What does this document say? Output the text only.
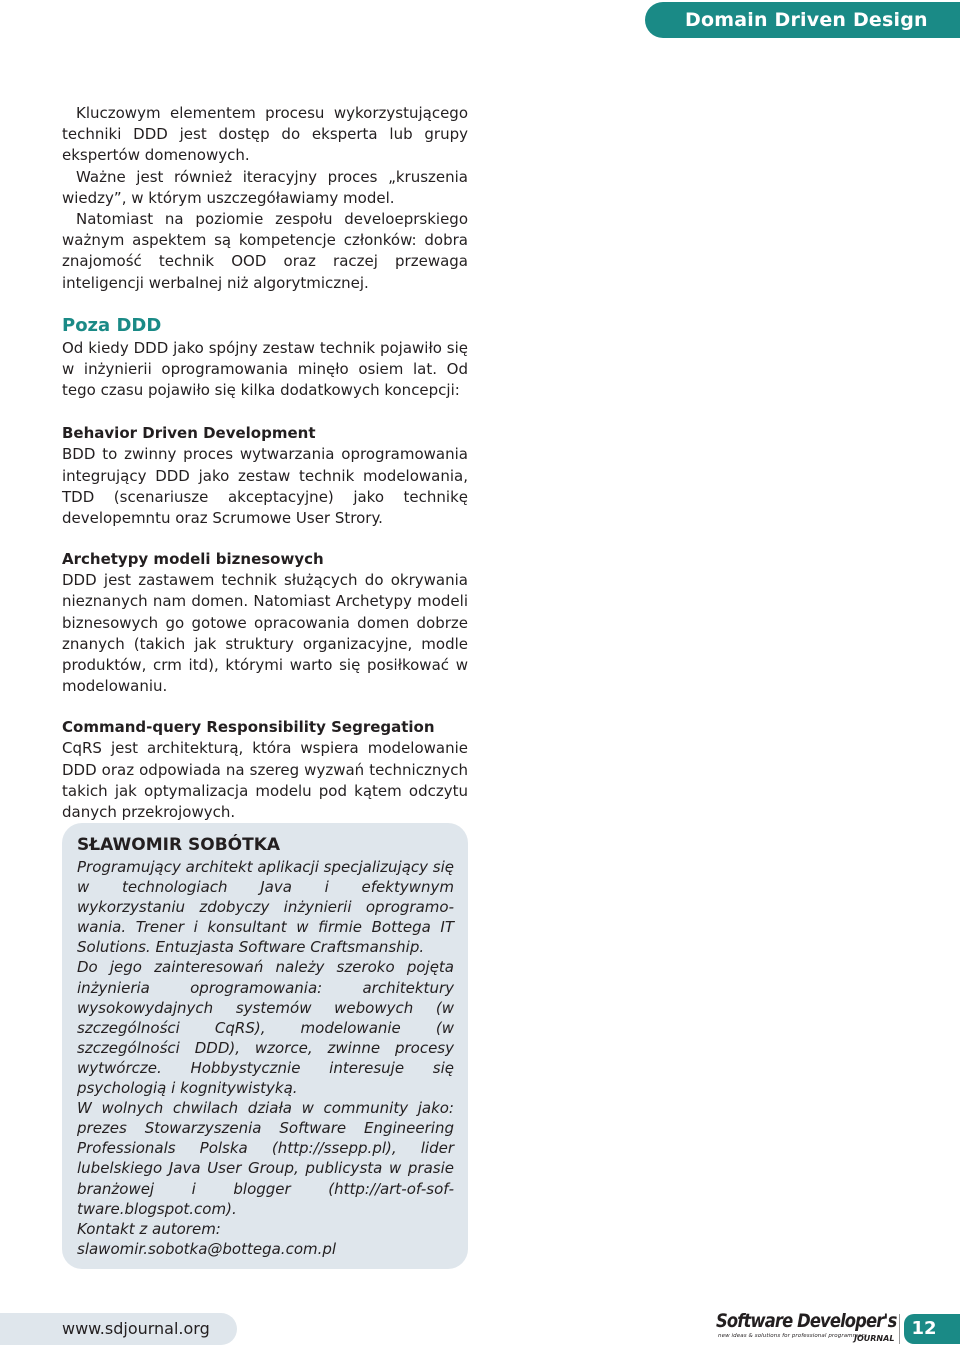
Domain Driven Design

Kluczowym elementem procesu wykorzystującego techniki DDD jest dostęp do eksperta lub grupy ekspertów domenowych.

Ważne jest również iteracyjny proces „kruszenia wiedzy”, w którym uszczegóławiamy model.

Natomiast na poziomie zespołu develoeprskiego ważnym aspektem są kompetencje członków: dobra znajomość technik OOD oraz raczej przewaga inteligencji werbalnej niż algorytmicznej.

Poza DDD

Od kiedy DDD jako spójny zestaw technik pojawiło się w inżynierii oprogramowania minęło osiem lat. Od tego czasu pojawiło się kilka dodatkowych koncepcji:

Behavior Driven Development

BDD to zwinny proces wytwarzania oprogramowania integrujący DDD jako zestaw technik modelowania, TDD (scenariusze akceptacyjne) jako technikę developemntu oraz Scrumowe User Strory.

Archetypy modeli biznesowych

DDD jest zastawem technik służących do okrywania nieznanych nam domen. Natomiast Archetypy modeli biznesowych go gotowe opracowania domen dobrze znanych (takich jak struktury organizacyjne, modle produktów, crm itd), którymi warto się posiłkować w modelowaniu.

Command-query Responsibility Segregation

CqRS jest architekturą, która wspiera modelowanie DDD oraz odpowiada na szereg wyzwań technicznych takich jak optymalizacja modelu pod kątem odczytu danych przekrojowych.

SŁAWOMIR SOBÓTKA

Programujący architekt aplikacji specjalizujący się w technologiach Java i efektywnym wykorzystaniu zdobyczy inżynierii oprogramowania. Trener i konsultant w firmie Bottega IT Solutions. Entuzjasta Software Craftsmanship.

Do jego zainteresowań należy szeroko pojęta inżynieria oprogramowania: architektury wysokowydajnych systemów webowych (w szczególności CqRS), modelowanie (w szczególności DDD), wzorce, zwinne procesy wytwórcze. Hobbystycznie interesuje się psychologią i kognitywistyką.

W wolnych chwilach działa w community jako: prezes Stowarzyszenia Software Engineering Professionals Polska (http://ssepp.pl), lider lubelskiego Java User Group, publicysta w prasie branżowej i blogger (http://art-of-software.blogspot.com).

Kontakt z autorem:

slawomir.sobotka@bottega.com.pl

www.sdjournal.org	Software Developer's
new ideas & solutions for professional programmers
JOURNAL 12
